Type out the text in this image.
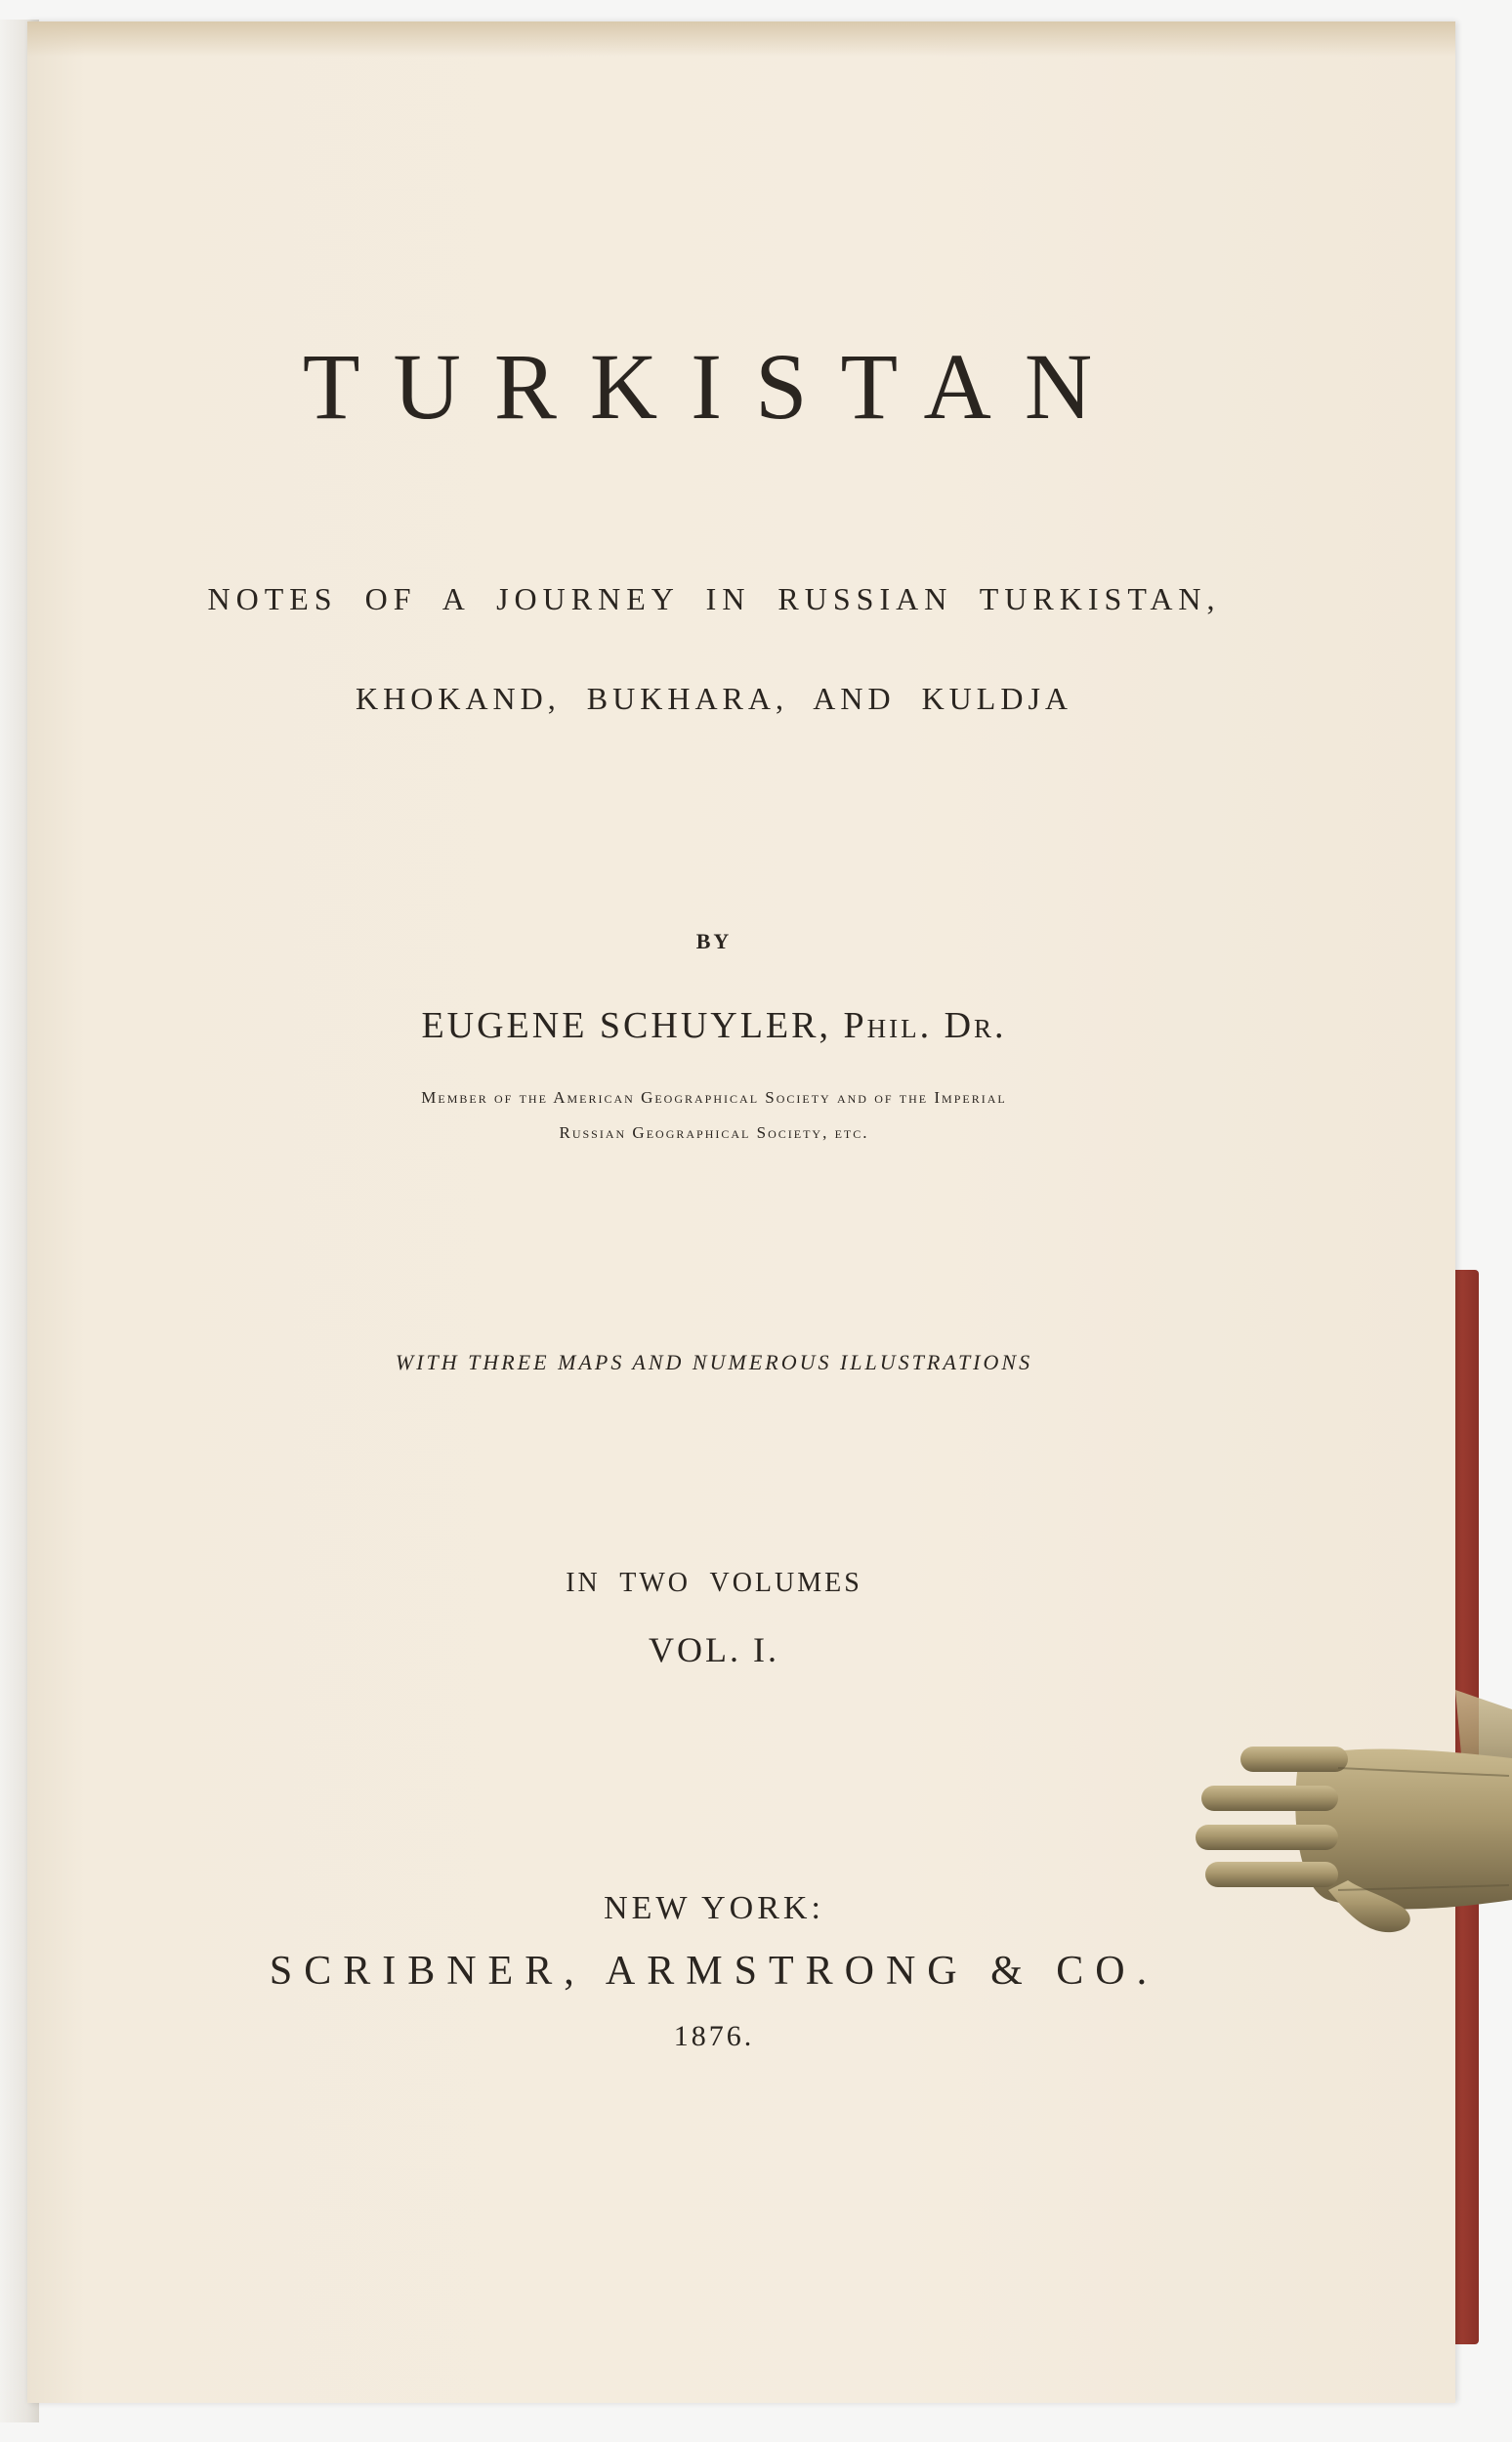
TURKISTAN
NOTES OF A JOURNEY IN RUSSIAN TURKISTAN,
KHOKAND, BUKHARA, AND KULDJA
BY
EUGENE SCHUYLER, Phil. Dr.
Member of the American Geographical Society and of the Imperial
Russian Geographical Society, etc.
WITH THREE MAPS AND NUMEROUS ILLUSTRATIONS
IN TWO VOLUMES
VOL. I.
NEW YORK:
SCRIBNER, ARMSTRONG & CO.
1876.
